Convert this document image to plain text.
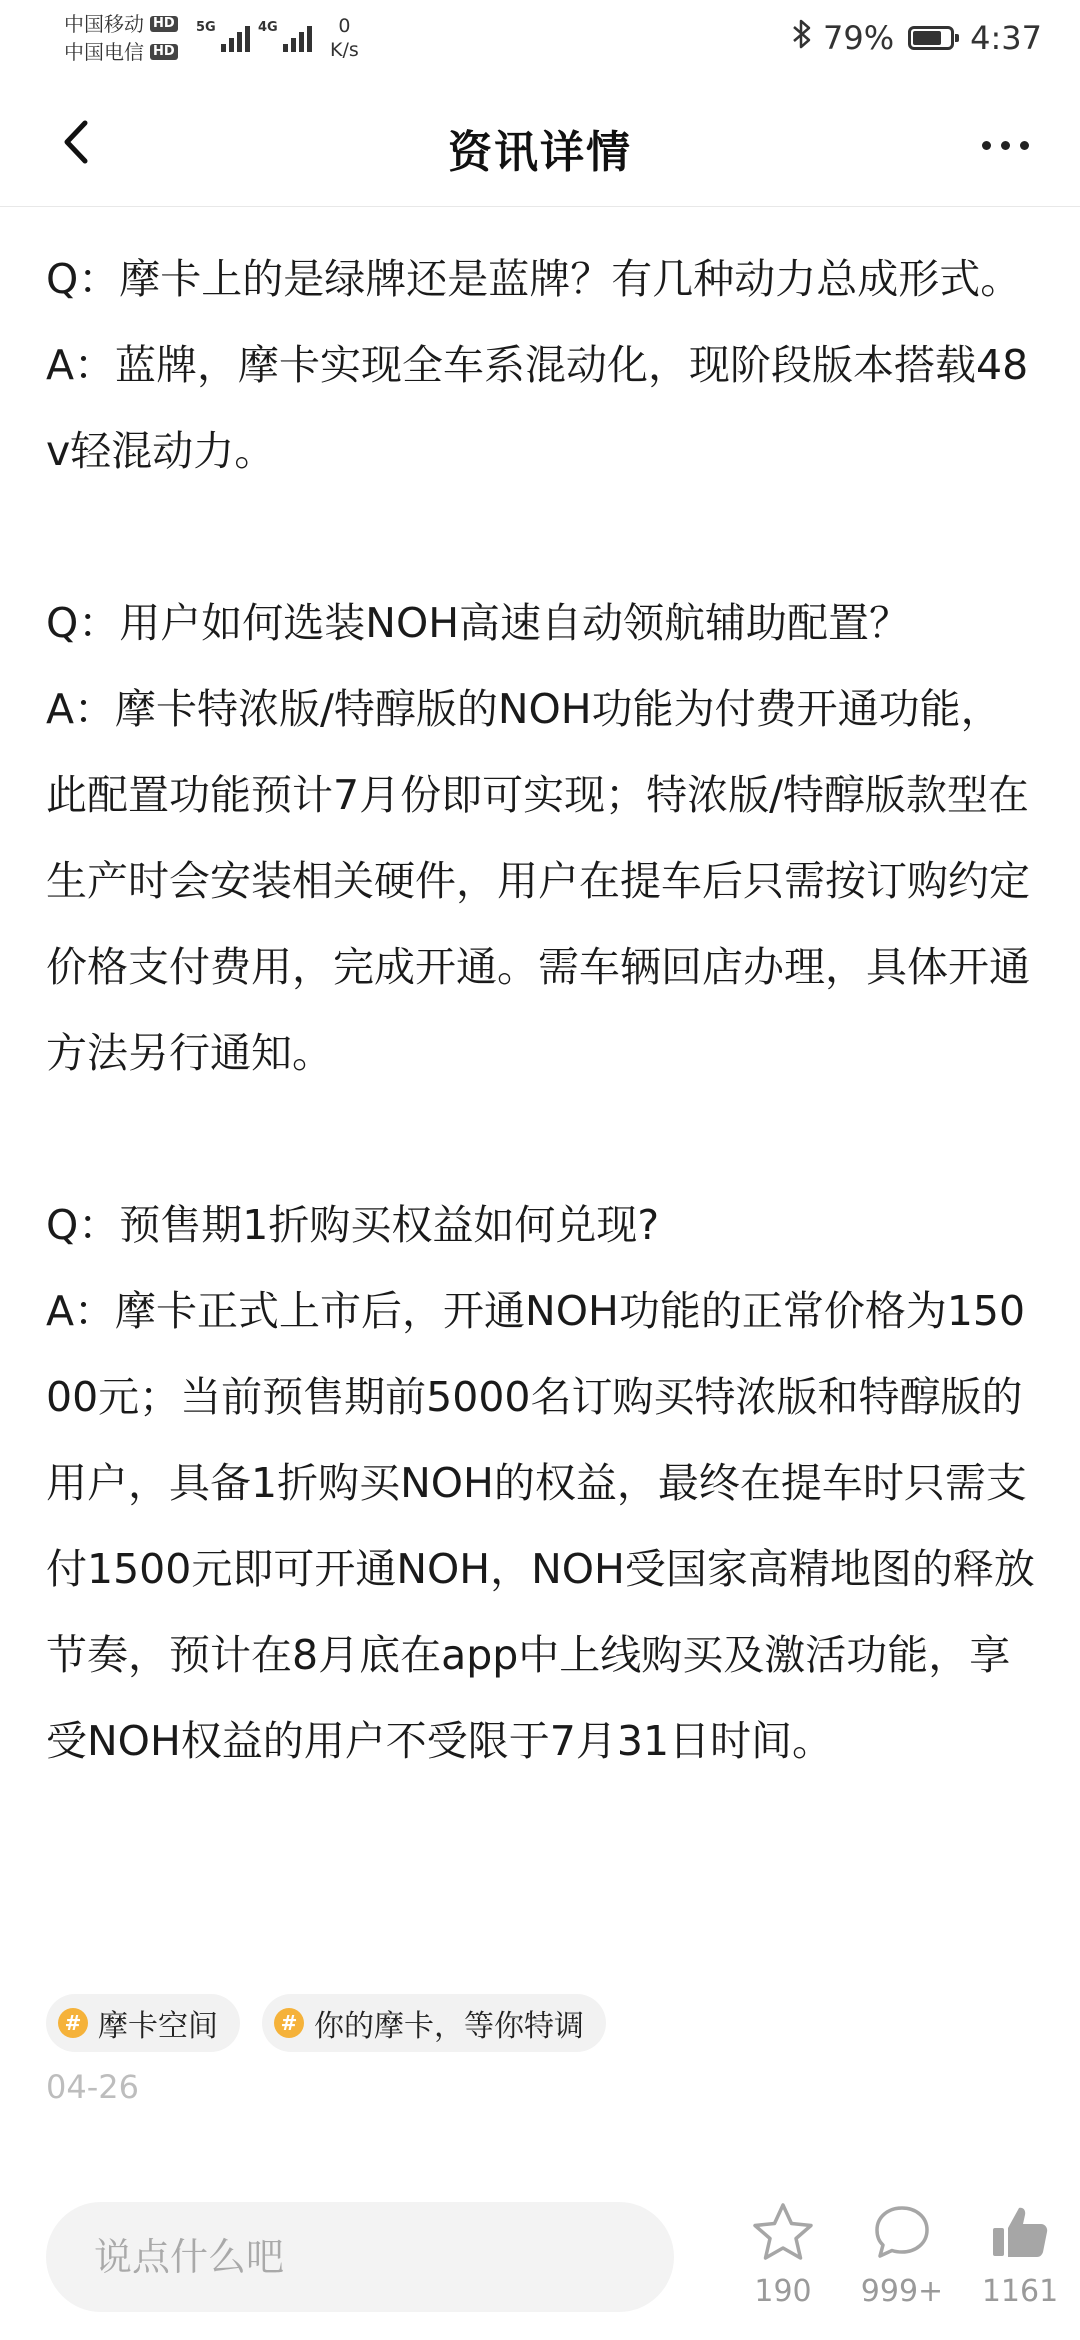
中国移动 HD
中国电信 HD
5G	4G	0
K/s	79% 4:37
资讯详情

Q：摩卡上的是绿牌还是蓝牌？有几种动力总成形式。

A：蓝牌，摩卡实现全车系混动化，现阶段版本搭载48v轻混动力。

Q：用户如何选装NOH高速自动领航辅助配置？

A：摩卡特浓版/特醇版的NOH功能为付费开通功能，此配置功能预计7月份即可实现；特浓版/特醇版款型在生产时会安装相关硬件，用户在提车后只需按订购约定价格支付费用，完成开通。需车辆回店办理，具体开通方法另行通知。

Q：预售期1折购买权益如何兑现?

A：摩卡正式上市后，开通NOH功能的正常价格为15000元；当前预售期前5000名订购买特浓版和特醇版的用户，具备1折购买NOH的权益，最终在提车时只需支付1500元即可开通NOH，NOH受国家高精地图的释放节奏，预计在8月底在app中上线购买及激活功能，享受NOH权益的用户不受限于7月31日时间。

# 摩卡空间	# 你的摩卡，等你特调
04-26
说点什么吧
190	999+	1161
